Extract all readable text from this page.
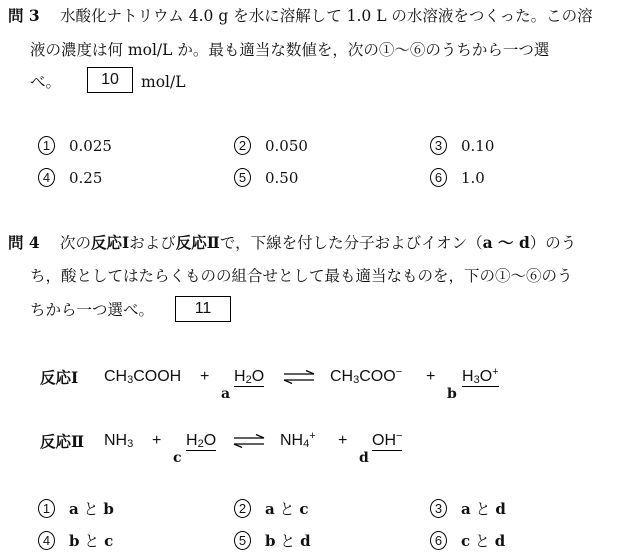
問 3 水酸化ナトリウム 4.0 g を水に溶解して 1.0 L の水溶液をつくった。この溶
液の濃度は何 mol/L か。最も適当な数値を，次の①～⑥のうちから一つ選
べ。	10	mol/L
1	0.025	2	0.050	3	0.10
4	0.25	5	0.50	6	1.0
問 4 次の反応Ⅰおよび反応Ⅱで，下線を付した分子およびイオン（a ～ d）のう
ち，酸としてはたらくものの組合せとして最も適当なものを，下の①～⑥のう
ちから一つ選べ。	11
反応Ⅰ $CH_3COOH + H_2O$
a
⇌ $CH_3COO^- + H_3O^+$
b
反応Ⅱ $NH_3 + H_2O$
c
⇌ $NH_4^+ + OH^-$
d
1	a と b	2	a と c	3	a と d
4	b と c	5	b と d	6	c と d
